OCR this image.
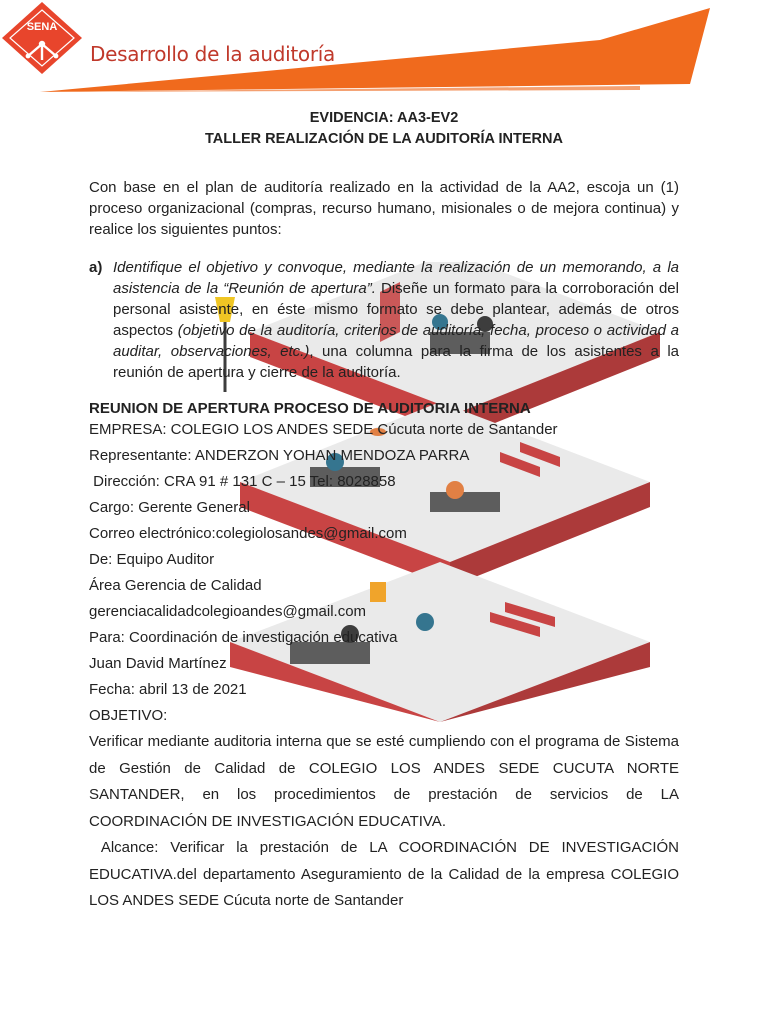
Desarrollo de la auditoría
SENA

EVIDENCIA: AA3-EV2

TALLER REALIZACIÓN DE LA AUDITORÍA INTERNA

Con base en el plan de auditoría realizado en la actividad de la AA2, escoja un (1) proceso organizacional (compras, recurso humano, misionales o de mejora continua) y realice los siguientes puntos:
a) Identifique el objetivo y convoque, mediante la realización de un memorando, a la asistencia de la “Reunión de apertura”. Diseñe un formato para la corroboración del personal asistente, en éste mismo formato se debe plantear, además de otros aspectos (objetivo de la auditoría, criterios de auditoría, fecha, proceso o actividad a auditar, observaciones, etc.), una columna para la firma de los asistentes a la reunión de apertura y cierre de la auditoría.
REUNION DE APERTURA PROCESO DE AUDITORIA INTERNA
EMPRESA: COLEGIO LOS ANDES SEDE Cúcuta norte de Santander
Representante: ANDERZON YOHAN MENDOZA PARRA
Dirección: CRA 91 # 131 C – 15 Tel: 8028858
Cargo: Gerente General
Correo electrónico:colegiolosandes@gmail.com
De: Equipo Auditor
Área Gerencia de Calidad
gerenciacalidadcolegioandes@gmail.com
Para: Coordinación de investigación educativa
Juan David Martínez
Fecha: abril 13 de 2021
OBJETIVO:
Verificar mediante auditoria interna que se esté cumpliendo con el programa de Sistema
de Gestión de Calidad de COLEGIO LOS ANDES SEDE CUCUTA NORTE
SANTANDER, en los procedimientos de prestación de servicios de LA
COORDINACIÓN DE INVESTIGACIÓN EDUCATIVA.
Alcance: Verificar la prestación de LA COORDINACIÓN DE INVESTIGACIÓN
EDUCATIVA.del departamento Aseguramiento de la Calidad de la empresa COLEGIO
LOS ANDES SEDE Cúcuta norte de Santander
